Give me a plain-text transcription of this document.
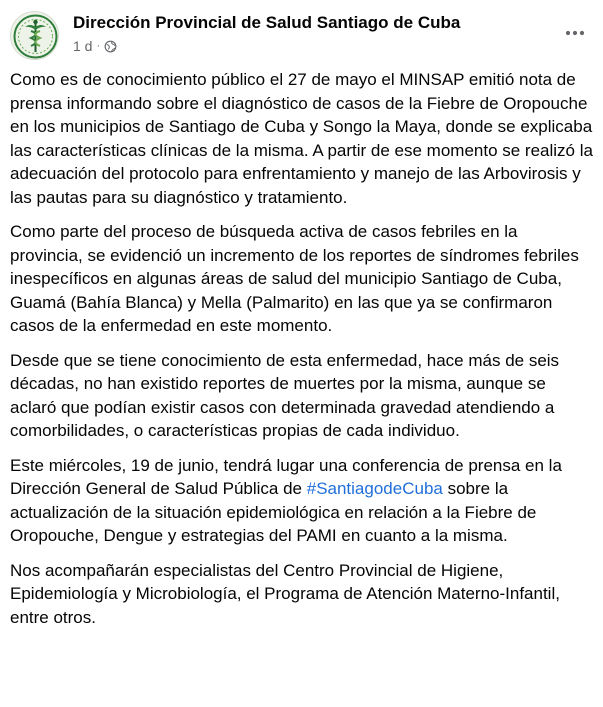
Dirección Provincial de Salud Santiago de Cuba
1 d ·

Como es de conocimiento público el 27 de mayo el MINSAP emitió nota de prensa informando sobre el diagnóstico de casos de la Fiebre de Oropouche en los municipios de Santiago de Cuba y Songo la Maya, donde se explicaba las características clínicas de la misma. A partir de ese momento se realizó la adecuación del protocolo para enfrentamiento y manejo de las Arbovirosis y las pautas para su diagnóstico y tratamiento.

Como parte del proceso de búsqueda activa de casos febriles en la provincia, se evidenció un incremento de los reportes de síndromes febriles inespecíficos en algunas áreas de salud del municipio Santiago de Cuba, Guamá (Bahía Blanca) y Mella (Palmarito) en las que ya se confirmaron casos de la enfermedad en este momento.

Desde que se tiene conocimiento de esta enfermedad, hace más de seis décadas, no han existido reportes de muertes por la misma, aunque se aclaró que podían existir casos con determinada gravedad atendiendo a comorbilidades, o características propias de cada individuo.

Este miércoles, 19 de junio, tendrá lugar una conferencia de prensa en la Dirección General de Salud Pública de #SantiagodeCuba sobre la actualización de la situación epidemiológica en relación a la Fiebre de Oropouche, Dengue y estrategias del PAMI en cuanto a la misma.

Nos acompañarán especialistas del Centro Provincial de Higiene, Epidemiología y Microbiología, el Programa de Atención Materno-Infantil, entre otros.
